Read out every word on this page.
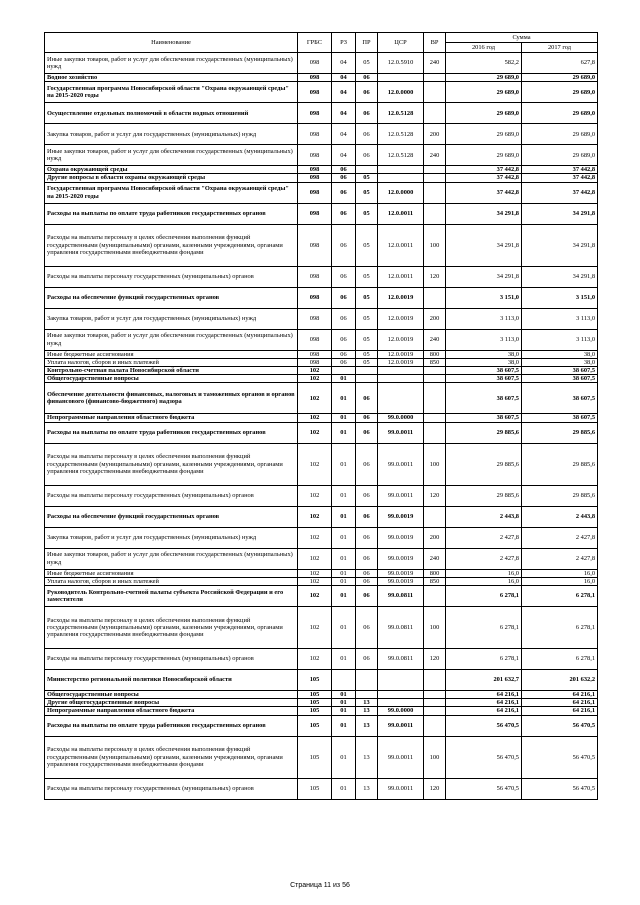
Наименование	ГРБС	РЗ	ПР	ЦСР	ВР	Сумма	
						2016 год	2017 год
Иные закупки товаров, работ и услуг для обеспечения государственных (муниципальных) нужд	098	04	05	12.0.5910	240	582,2	627,8
Водное хозяйство	098	04	06			29 689,0	29 689,0
Государственная программа Новосибирской области "Охрана окружающей среды" на 2015-2020 годы	098	04	06	12.0.0000		29 689,0	29 689,0
Осуществление отдельных полномочий в области водных отношений	098	04	06	12.0.5128		29 689,0	29 689,0
Закупка товаров, работ и услуг для государственных (муниципальных) нужд	098	04	06	12.0.5128	200	29 689,0	29 689,0
Иные закупки товаров, работ и услуг для обеспечения государственных (муниципальных) нужд	098	04	06	12.0.5128	240	29 689,0	29 689,0
Охрана окружающей среды	098	06				37 442,8	37 442,8
Другие вопросы в области охраны окружающей среды	098	06	05			37 442,8	37 442,8
Государственная программа Новосибирской области "Охрана окружающей среды" на 2015-2020 годы	098	06	05	12.0.0000		37 442,8	37 442,8
Расходы на выплаты по оплате труда работников государственных органов	098	06	05	12.0.0011		34 291,8	34 291,8
Расходы на выплаты персоналу в целях обеспечения выполнения функций государственными (муниципальными) органами, казенными учреждениями, органами управления государственными внебюджетными фондами	098	06	05	12.0.0011	100	34 291,8	34 291,8
Расходы на выплаты персоналу государственных (муниципальных) органов	098	06	05	12.0.0011	120	34 291,8	34 291,8
Расходы на обеспечение функций государственных органов	098	06	05	12.0.0019		3 151,0	3 151,0
Закупка товаров, работ и услуг для государственных (муниципальных) нужд	098	06	05	12.0.0019	200	3 113,0	3 113,0
Иные закупки товаров, работ и услуг для обеспечения государственных (муниципальных) нужд	098	06	05	12.0.0019	240	3 113,0	3 113,0
Иные бюджетные ассигнования	098	06	05	12.0.0019	800	38,0	38,0
Уплата налогов, сборов и иных платежей	098	06	05	12.0.0019	850	38,0	38,0
Контрольно-счетная палата Новосибирской области	102					38 607,5	38 607,5
Общегосударственные вопросы	102	01				38 607,5	38 607,5
Обеспечение деятельности финансовых, налоговых и таможенных органов и органов финансового (финансово-бюджетного) надзора	102	01	06			38 607,5	38 607,5
Непрограммные направления областного бюджета	102	01	06	99.0.0000		38 607,5	38 607,5
Расходы на выплаты по оплате труда работников государственных органов	102	01	06	99.0.0011		29 885,6	29 885,6
Расходы на выплаты персоналу в целях обеспечения выполнения функций государственными (муниципальными) органами, казенными учреждениями, органами управления государственными внебюджетными фондами	102	01	06	99.0.0011	100	29 885,6	29 885,6
Расходы на выплаты персоналу государственных (муниципальных) органов	102	01	06	99.0.0011	120	29 885,6	29 885,6
Расходы на обеспечение функций государственных органов	102	01	06	99.0.0019		2 443,8	2 443,8
Закупка товаров, работ и услуг для государственных (муниципальных) нужд	102	01	06	99.0.0019	200	2 427,8	2 427,8
Иные закупки товаров, работ и услуг для обеспечения государственных (муниципальных) нужд	102	01	06	99.0.0019	240	2 427,8	2 427,8
Иные бюджетные ассигнования	102	01	06	99.0.0019	800	16,0	16,0
Уплата налогов, сборов и иных платежей	102	01	06	99.0.0019	850	16,0	16,0
Руководитель Контрольно-счетной палаты субъекта Российской Федерации и его заместители	102	01	06	99.0.0811		6 278,1	6 278,1
Расходы на выплаты персоналу в целях обеспечения выполнения функций государственными (муниципальными) органами, казенными учреждениями, органами управления государственными внебюджетными фондами	102	01	06	99.0.0811	100	6 278,1	6 278,1
Расходы на выплаты персоналу государственных (муниципальных) органов	102	01	06	99.0.0811	120	6 278,1	6 278,1
Министерство региональной политики Новосибирской области	105					201 632,7	201 632,2
Общегосударственные вопросы	105	01				64 216,1	64 216,1
Другие общегосударственные вопросы	105	01	13			64 216,1	64 216,1
Непрограммные направления областного бюджета	105	01	13	99.0.0000		64 216,1	64 216,1
Расходы на выплаты по оплате труда работников государственных органов	105	01	13	99.0.0011		56 470,5	56 470,5
Расходы на выплаты персоналу в целях обеспечения выполнения функций государственными (муниципальными) органами, казенными учреждениями, органами управления государственными внебюджетными фондами	105	01	13	99.0.0011	100	56 470,5	56 470,5
Расходы на выплаты персоналу государственных (муниципальных) органов	105	01	13	99.0.0011	120	56 470,5	56 470,5
Страница 11 из 56
